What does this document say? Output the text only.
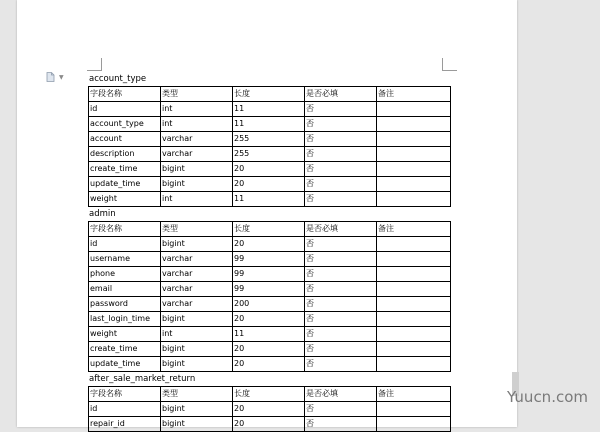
▼	account_type
字段名称	类型	长度	是否必填	备注
id	int	11	否	
account_type	int	11	否	
account	varchar	255	否	
description	varchar	255	否	
create_time	bigint	20	否	
update_time	bigint	20	否	
weight	int	11	否	
admin
字段名称	类型	长度	是否必填	备注
id	bigint	20	否	
username	varchar	99	否	
phone	varchar	99	否	
email	varchar	99	否	
password	varchar	200	否	
last_login_time	bigint	20	否	
weight	int	11	否	
create_time	bigint	20	否	
update_time	bigint	20	否	
after_sale_market_return
字段名称	类型	长度	是否必填	备注
id	bigint	20	否	
repair_id	bigint	20	否	
Yuucn.com
